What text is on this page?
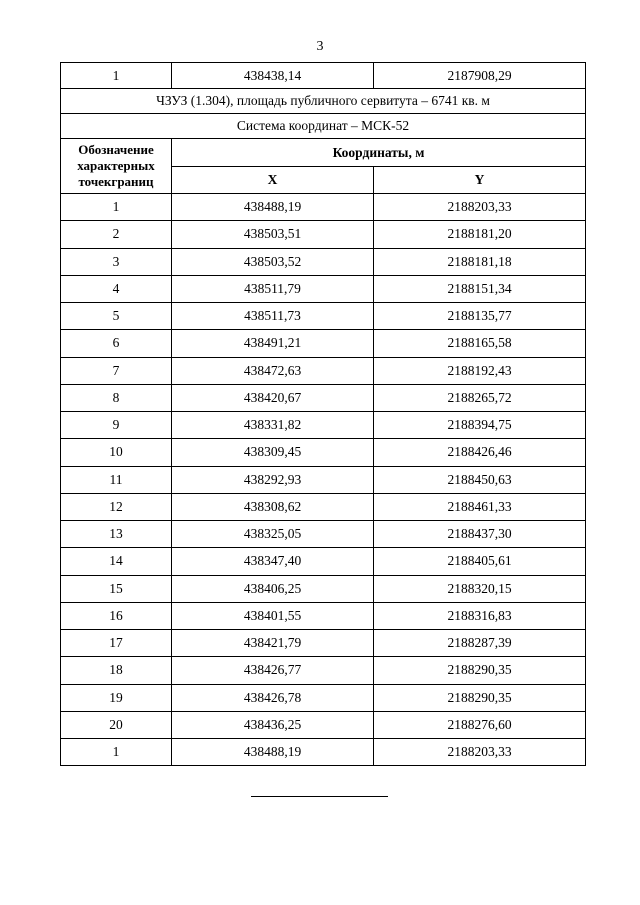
3
1	438438,14	2187908,29
ЧЗУЗ (1.304), площадь публичного сервитута – 6741 кв. м		
Система координат – МСК-52		
Обозначение характерных точекграниц	Координаты, м	
	X	Y
1	438488,19	2188203,33
2	438503,51	2188181,20
3	438503,52	2188181,18
4	438511,79	2188151,34
5	438511,73	2188135,77
6	438491,21	2188165,58
7	438472,63	2188192,43
8	438420,67	2188265,72
9	438331,82	2188394,75
10	438309,45	2188426,46
11	438292,93	2188450,63
12	438308,62	2188461,33
13	438325,05	2188437,30
14	438347,40	2188405,61
15	438406,25	2188320,15
16	438401,55	2188316,83
17	438421,79	2188287,39
18	438426,77	2188290,35
19	438426,78	2188290,35
20	438436,25	2188276,60
1	438488,19	2188203,33
